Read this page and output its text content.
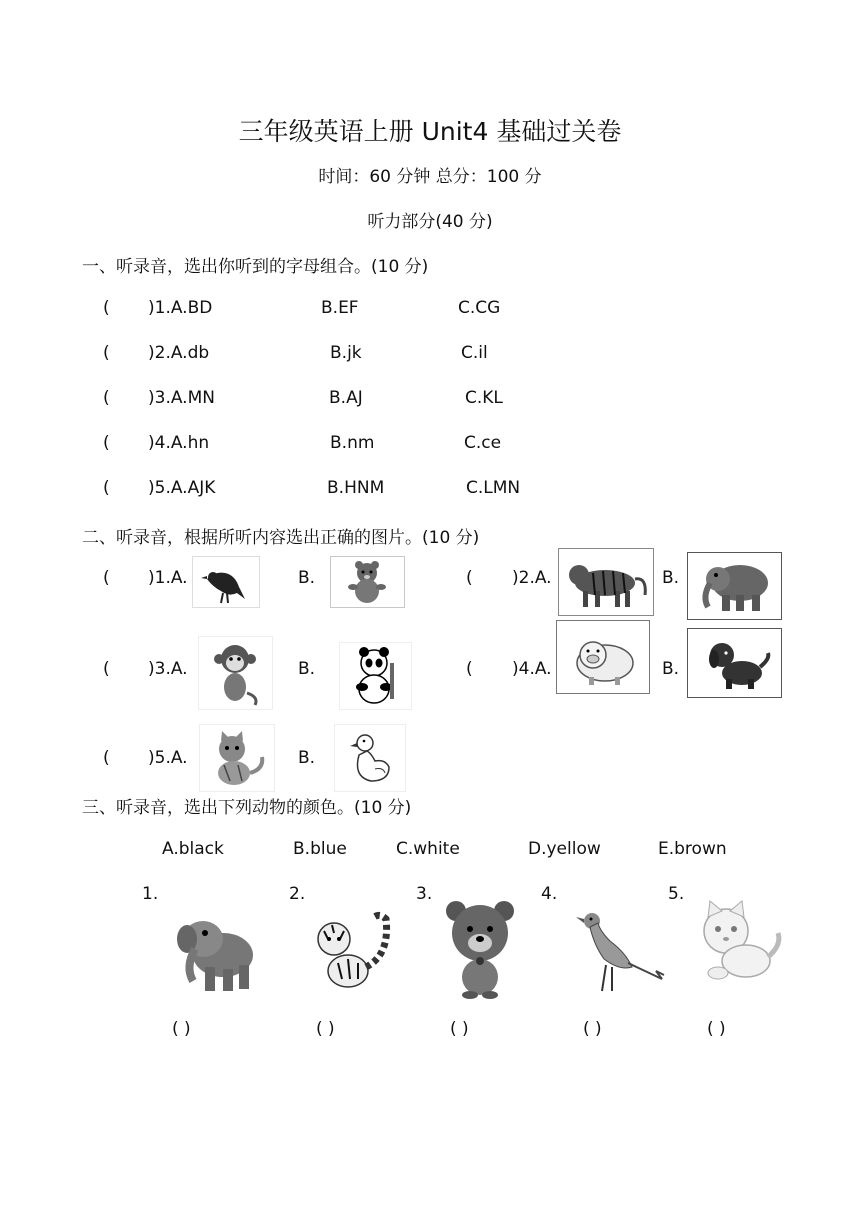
三年级英语上册 Unit4 基础过关卷
时间：60 分钟 总分：100 分
听力部分(40 分)
一、听录音，选出你听到的字母组合。(10 分)
( )1.A.BD	B.EF	C.CG
( )2.A.db	B.jk	C.il
( )3.A.MN	B.AJ	C.KL
( )4.A.hn	B.nm	C.ce
( )5.A.AJK	B.HNM	C.LMN
二、听录音，根据所听内容选出正确的图片。(10 分)
( )1.A.	B.	( )2.A.	B.
( )3.A.	B.	( )4.A.	B.
( )5.A.	B.
三、听录音，选出下列动物的颜色。(10 分)
A.black	B.blue	C.white	D.yellow	E.brown
1.	2.	3.	4.	5.
( )	( )	( )	( )	( )
